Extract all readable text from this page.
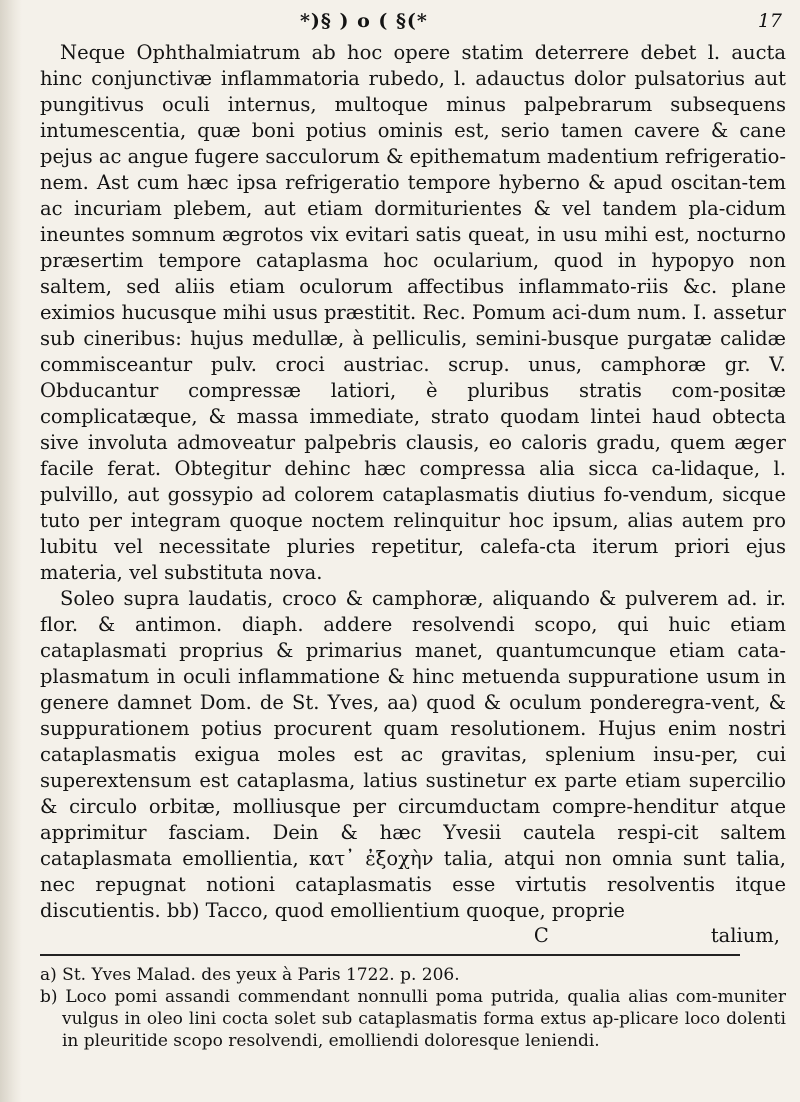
*)§ ) o ( §(*	17

Neque Ophthalmiatrum ab hoc opere statim deterrere debet l. auctа hinc conjunctivæ inflammatoria rubedo, l. adauctus dolor pulsatorius aut pungitivus oculi internus, multoque minus palpebrarum subsequens intumescentia, quæ boni potius ominis est, serio tamen cavere & cane pejus ac angue fugere sacculorum & epithematum madentium refrigeratio-nem. Ast cum hæc ipsa refrigeratio tempore hyberno & apud oscitan-tem ac incuriam plebem, aut etiam dormiturientes & vel tandem pla-cidum ineuntes somnum ægrotos vix evitari satis queat, in usu mihi est, nocturno præsertim tempore cataplasma hoc ocularium, quod in hypopyo non saltem, sed aliis etiam oculorum affectibus inflammato-riis &c. plane eximios hucusque mihi usus præstitit. Rec. Pomum aci-dum num. I. assetur sub cineribus: hujus medullæ, à pelliculis, semini-busque purgatæ calidæ commisceantur pulv. croci austriac. scrup. unus, camphoræ gr. V. Obducantur compressæ latiori, è pluribus stratis com-positæ complicatæque, & massa immediate, strato quodam lintei haud obtecta sive involuta admoveatur palpebris clausis, eo caloris gradu, quem æger facile ferat. Obtegitur dehinc hæc compressa alia sicca ca-lidaque, l. pulvillo, aut gossypio ad colorem cataplasmatis diutius fo-vendum, sicque tuto per integram quoque noctem relinquitur hoc ipsum, alias autem pro lubitu vel necessitate pluries repetitur, calefa-cta iterum priori ejus materia, vel substituta nova.

Soleo supra laudatis, croco & camphoræ, aliquando & pulverem ad. ir. flor. & antimon. diaph. addere resolvendi scopo, qui huic etiam cataplasmati proprius & primarius manet, quantumcunque etiam cata-plasmatum in oculi inflammatione & hinc metuenda suppuratione usum in genere damnet Dom. de St. Yves, aa) quod & oculum ponderegra-vent, & suppurationem potius procurent quam resolutionem. Hujus enim nostri cataplasmatis exigua moles est ac gravitas, splenium insu-per, cui superextensum est cataplasma, latius sustinetur ex parte etiam supercilio & circulo orbitæ, molliusque per circumductam compre-henditur atque apprimitur fasciam. Dein & hæc Yvesii cautela respi-cit saltem cataplasmata emollientia, κατ᾽ ἐξοχὴν talia, atqui non omnia sunt talia, nec repugnat notioni cataplasmatis esse virtutis resolventis itque discutientis. bb) Tacco, quod emollientium quoque, proprie

C	talium,

a) St. Yves Malad. des yeux à Paris 1722. p. 206.

b) Loco pomi assandi commendant nonnulli poma putrida, qualia alias com-muniter vulgus in oleo lini cocta solet sub cataplasmatis forma extus ap-plicare loco dolenti in pleuritide scopo resolvendi, emolliendi doloresque leniendi.
